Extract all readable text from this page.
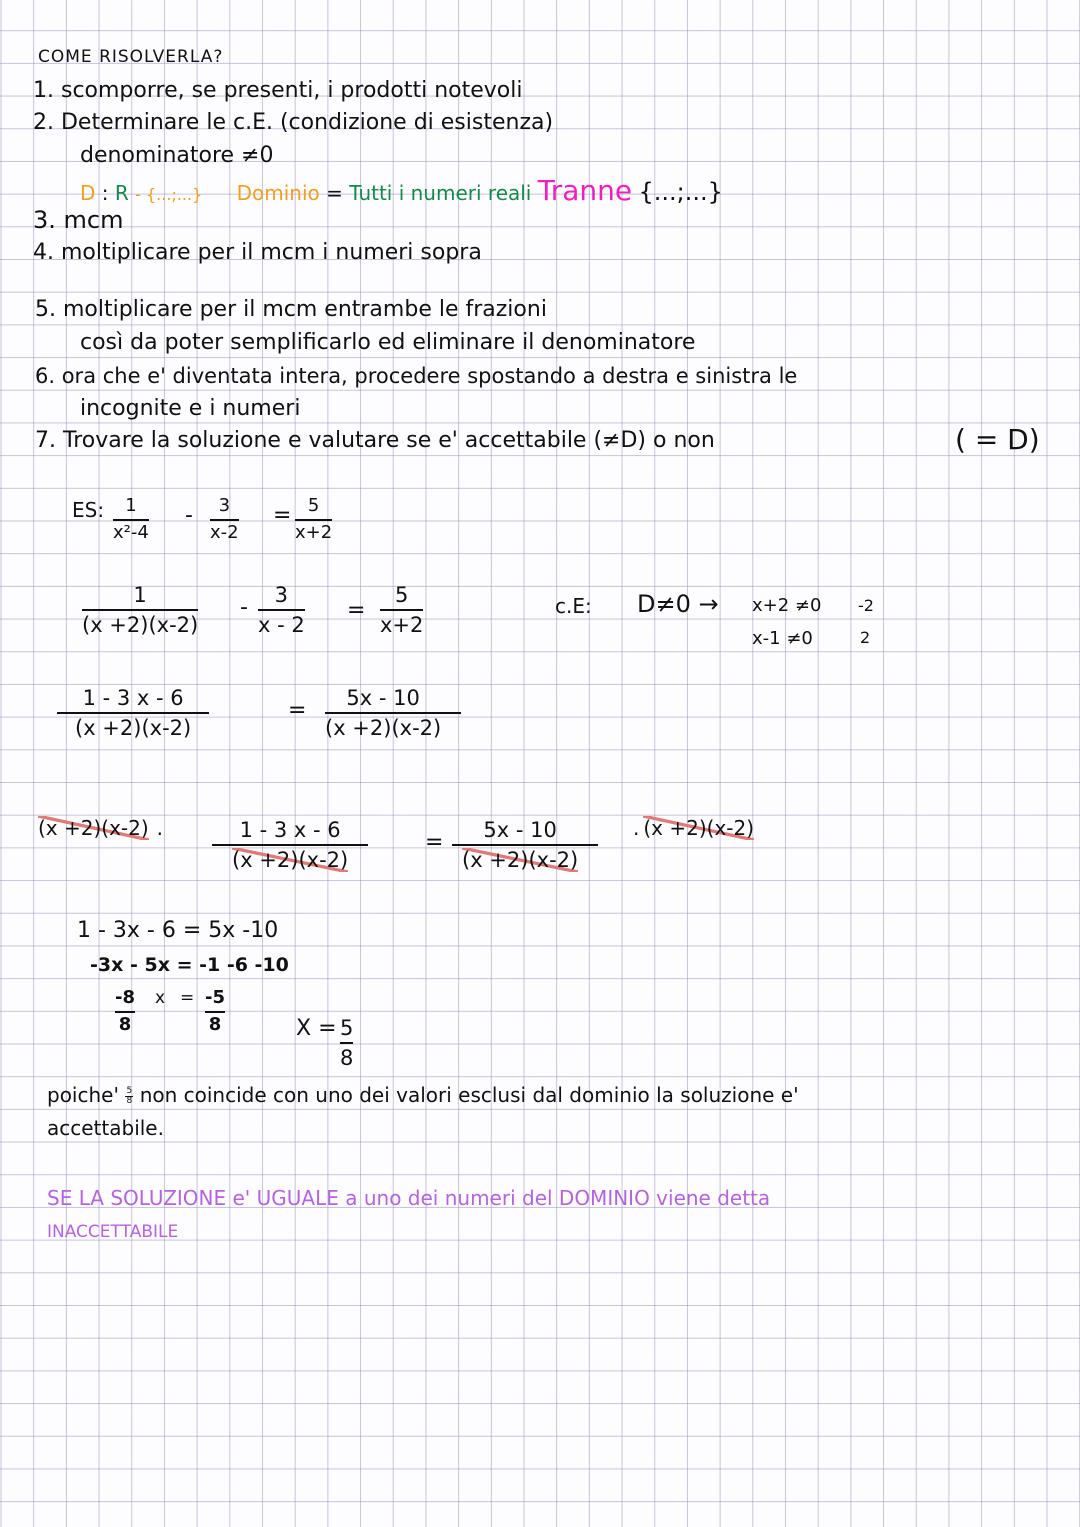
COME RISOLVERLA?
1. scomporre, se presenti, i prodotti notevoli
2. Determinare le c.E. (condizione di esistenza)
denominatore ≠0
D : R - {...;...} Dominio = Tutti i numeri reali Tranne {...;...}
3. mcm
4. moltiplicare per il mcm i numeri sopra
5. moltiplicare per il mcm entrambe le frazioni
così da poter semplificarlo ed eliminare il denominatore
6. ora che e' diventata intera, procedere spostando a destra e sinistra le
incognite e i numeri
7. Trovare la soluzione e valutare se e' accettabile (≠D) o non	( = D)
ES: 1
x²-4
- 3
x-2
= 5
x+2
1
(x +2)(x-2)
- 3
x - 2
=
5
x+2
c.E: D≠0 → x+2 ≠0 -2
x-1 ≠0	2
1 - 3 x - 6
(x +2)(x-2)
= 5x - 10
(x +2)(x-2)
(x +2)(x-2) .	1 - 3 x - 6
(x +2)(x-2)
= 5x - 10
(x +2)(x-2)
. (x +2)(x-2)
1 - 3x - 6 = 5x -10
-3x - 5x = -1 -6 -10
-8
8
x = -5
8	X = 5
8
poiche' $\frac{5}{8}$ non coincide con uno dei valori esclusi dal dominio la soluzione e'
accettabile.
SE LA SOLUZIONE e' UGUALE a uno dei numeri del DOMINIO viene detta
INACCETTABILE
